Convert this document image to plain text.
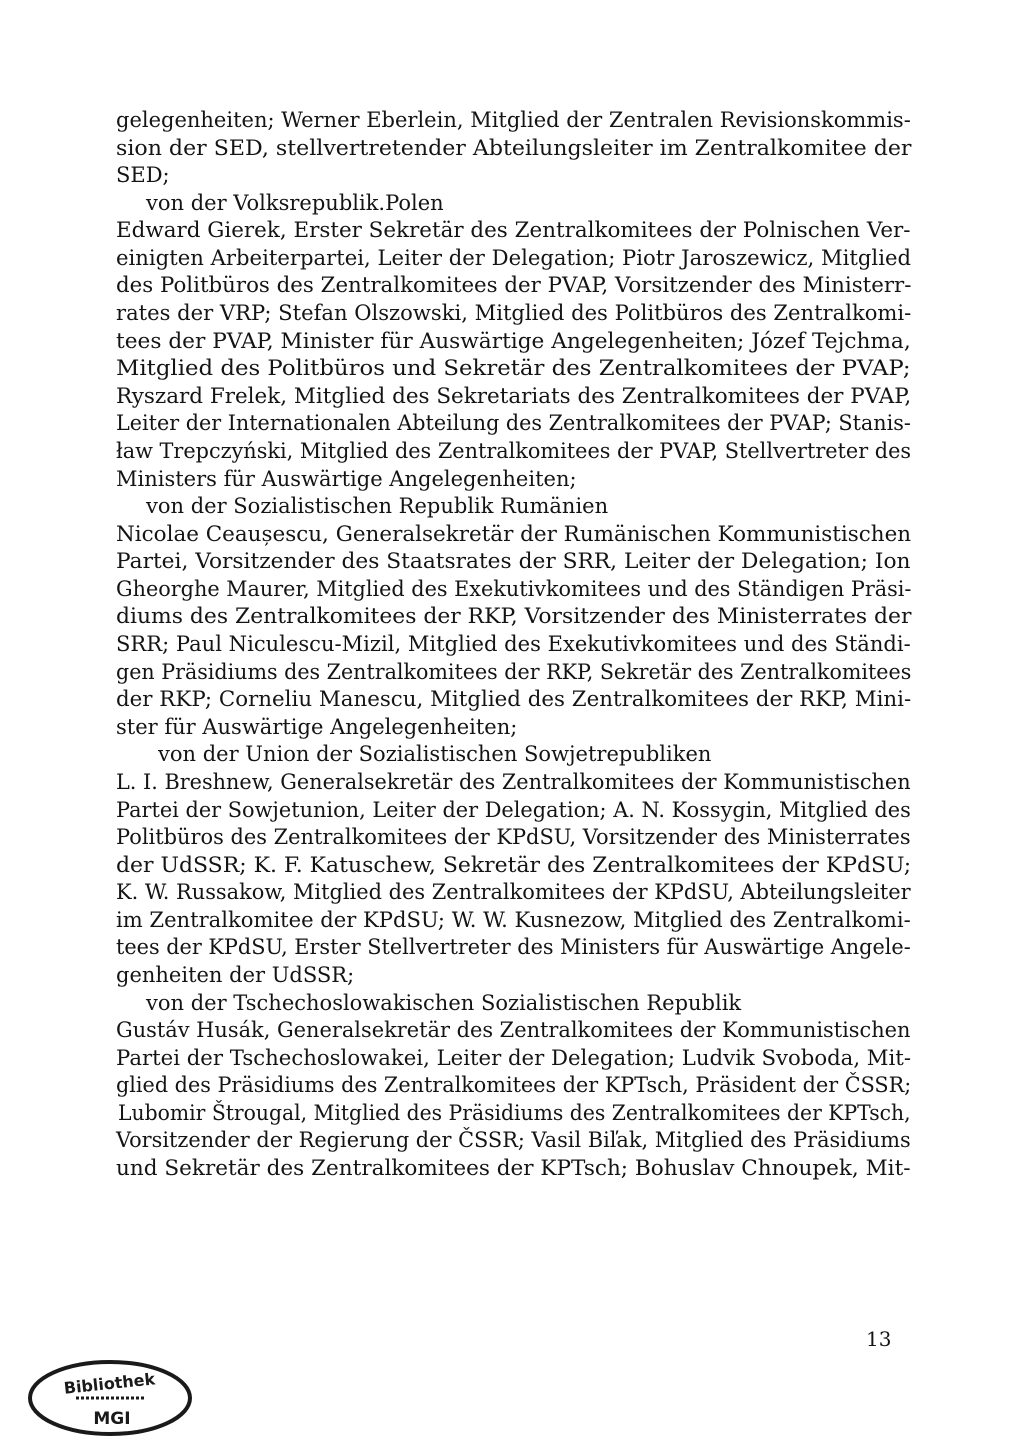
gelegenheiten; Werner Eberlein, Mitglied der Zentralen Revisionskommis-
sion der SED, stellvertretender Abteilungsleiter im Zentralkomitee der
SED;
von der Volksrepublik.Polen
Edward Gierek, Erster Sekretär des Zentralkomitees der Polnischen Ver-
einigten Arbeiterpartei, Leiter der Delegation; Piotr Jaroszewicz, Mitglied
des Politbüros des Zentralkomitees der PVAP, Vorsitzender des Ministerr-
rates der VRP; Stefan Olszowski, Mitglied des Politbüros des Zentralkomi-
tees der PVAP, Minister für Auswärtige Angelegenheiten; Józef Tejchma,
Mitglied des Politbüros und Sekretär des Zentralkomitees der PVAP;
Ryszard Frelek, Mitglied des Sekretariats des Zentralkomitees der PVAP,
Leiter der Internationalen Abteilung des Zentralkomitees der PVAP; Stanis-
ław Trepczyński, Mitglied des Zentralkomitees der PVAP, Stellvertreter des
Ministers für Auswärtige Angelegenheiten;
von der Sozialistischen Republik Rumänien
Nicolae Ceaușescu, Generalsekretär der Rumänischen Kommunistischen
Partei, Vorsitzender des Staatsrates der SRR, Leiter der Delegation; Ion
Gheorghe Maurer, Mitglied des Exekutivkomitees und des Ständigen Präsi-
diums des Zentralkomitees der RKP, Vorsitzender des Ministerrates der
SRR; Paul Niculescu-Mizil, Mitglied des Exekutivkomitees und des Ständi-
gen Präsidiums des Zentralkomitees der RKP, Sekretär des Zentralkomitees
der RKP; Corneliu Manescu, Mitglied des Zentralkomitees der RKP, Mini-
ster für Auswärtige Angelegenheiten;
von der Union der Sozialistischen Sowjetrepubliken
L. I. Breshnew, Generalsekretär des Zentralkomitees der Kommunistischen
Partei der Sowjetunion, Leiter der Delegation; A. N. Kossygin, Mitglied des
Politbüros des Zentralkomitees der KPdSU, Vorsitzender des Ministerrates
der UdSSR; K. F. Katuschew, Sekretär des Zentralkomitees der KPdSU;
K. W. Russakow, Mitglied des Zentralkomitees der KPdSU, Abteilungsleiter
im Zentralkomitee der KPdSU; W. W. Kusnezow, Mitglied des Zentralkomi-
tees der KPdSU, Erster Stellvertreter des Ministers für Auswärtige Angele-
genheiten der UdSSR;
von der Tschechoslowakischen Sozialistischen Republik
Gustáv Husák, Generalsekretär des Zentralkomitees der Kommunistischen
Partei der Tschechoslowakei, Leiter der Delegation; Ludvik Svoboda, Mit-
glied des Präsidiums des Zentralkomitees der KPTsch, Präsident der ČSSR;
Lubomir Štrougal, Mitglied des Präsidiums des Zentralkomitees der KPTsch,
Vorsitzender der Regierung der ČSSR; Vasil Biľak, Mitglied des Präsidiums
und Sekretär des Zentralkomitees der KPTsch; Bohuslav Chnoupek, Mit-
13
Bibliothek
MGI
